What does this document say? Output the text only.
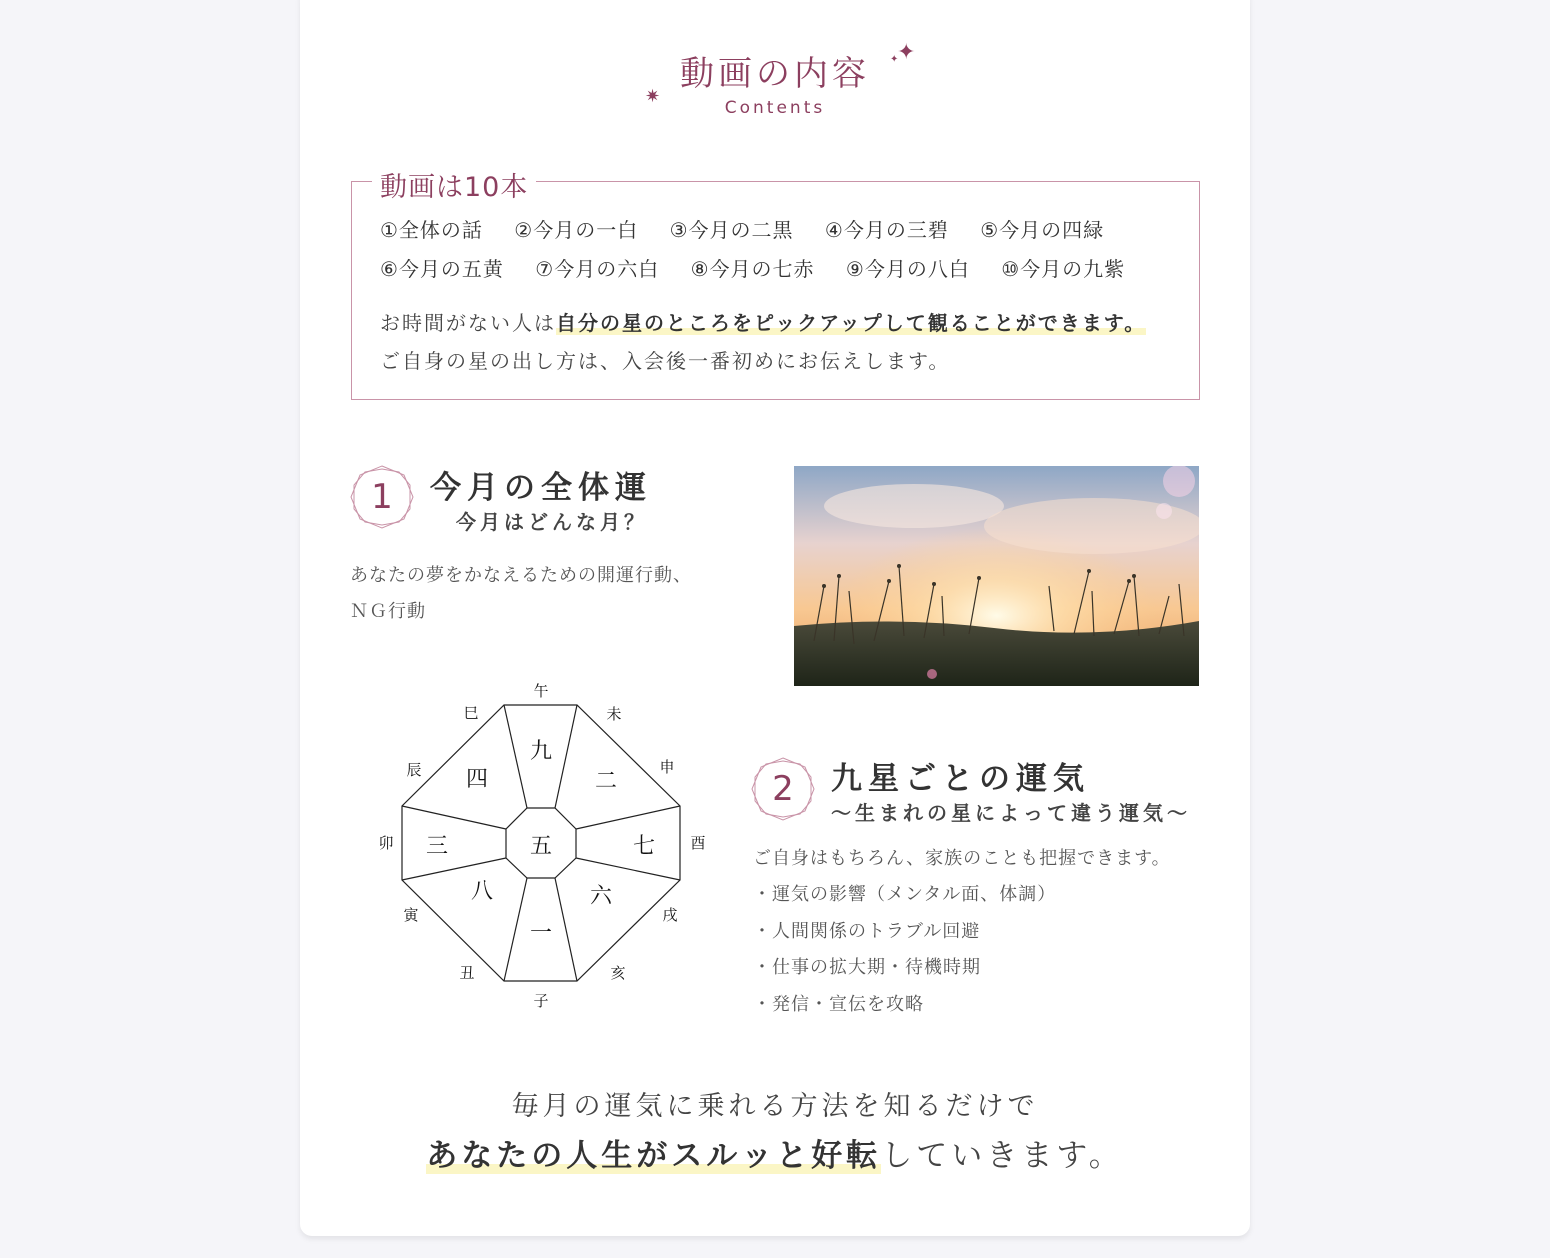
動画の内容
Contents
✦
✦
✷
動画は10本
①全体の話 ②今月の一白 ③今月の二黒 ④今月の三碧 ⑤今月の四緑
⑥今月の五黄 ⑦今月の六白 ⑧今月の七赤 ⑨今月の八白 ⑩今月の九紫
お時間がない人は自分の星のところをピックアップして観ることができます。
ご自身の星の出し方は、入会後一番初めにお伝えします。
1	今月の全体運
今月はどんな月？
あなたの夢をかなえるための開運行動、
ＮＧ行動
五
九
二
七
六
一
八
三
四
午
未
申
酉
戌
亥
子
丑
寅
卯
辰
巳
2	九星ごとの運気
～生まれの星によって違う運気～
ご自身はもちろん、家族のことも把握できます。
・運気の影響（メンタル面、体調）
・人間関係のトラブル回避
・仕事の拡大期・待機時期
・発信・宣伝を攻略
毎月の運気に乗れる方法を知るだけで
あなたの人生がスルッと好転していきます。
